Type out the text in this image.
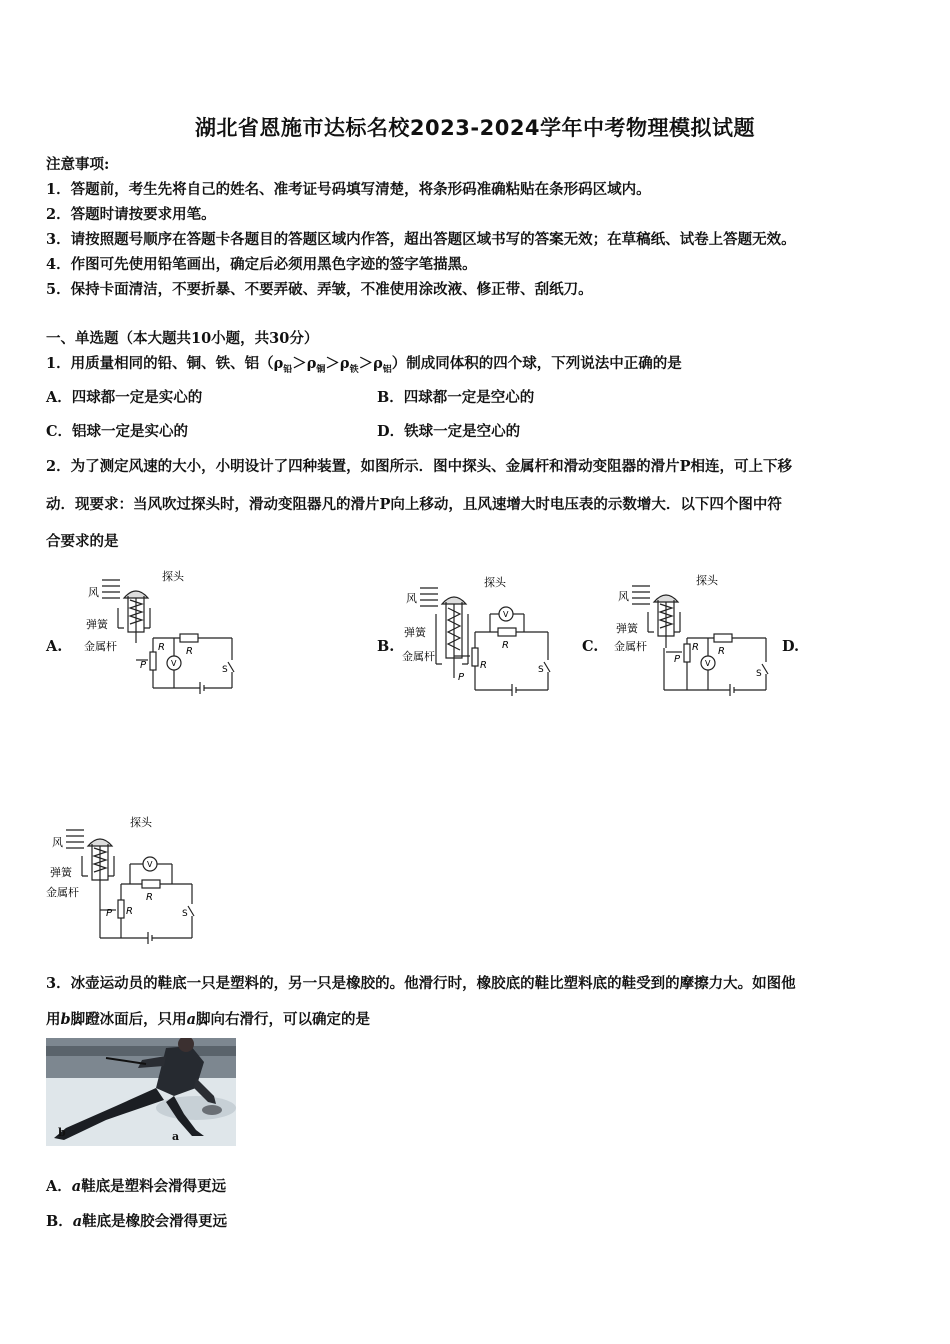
湖北省恩施市达标名校2023-2024学年中考物理模拟试题
注意事项:
1．答题前，考生先将自己的姓名、准考证号码填写清楚，将条形码准确粘贴在条形码区域内。
2．答题时请按要求用笔。
3．请按照题号顺序在答题卡各题目的答题区域内作答，超出答题区域书写的答案无效；在草稿纸、试卷上答题无效。
4．作图可先使用铅笔画出，确定后必须用黑色字迹的签字笔描黑。
5．保持卡面清洁，不要折暴、不要弄破、弄皱，不准使用涂改液、修正带、刮纸刀。
一、单选题（本大题共10小题，共30分）
1．用质量相同的铅、铜、铁、铝$(\rho_铅>\rho_铜>\rho_铁>\rho_铝)$制成同体积的四个球，下列说法中正确的是
A．四球都一定是实心的	B．四球都一定是空心的
C．铝球一定是实心的	D．铁球一定是空心的
2．为了测定风速的大小，小明设计了四种装置，如图所示．图中探头、金属杆和滑动变阻器的滑片P相连，可上下移
动．现要求：当风吹过探头时，滑动变阻器凡的滑片P向上移动，且风速增大时电压表的示数增大．以下四个图中符
合要求的是
A.	B.	C.	D.
风
探头
弹簧
金属杆
P
R R
V
S
风
探头
弹簧
金属杆
P
R
R
V
S
风
探头
弹簧
金属杆
P
R R
V
S
风
探头
弹簧
金属杆
P R
R
V
S
3．冰壶运动员的鞋底一只是塑料的，另一只是橡胶的。他滑行时，橡胶底的鞋比塑料底的鞋受到的摩擦力大。如图他
用b脚蹬冰面后，只用a脚向右滑行，可以确定的是
b	a
A．a鞋底是塑料会滑得更远
B．a鞋底是橡胶会滑得更远
